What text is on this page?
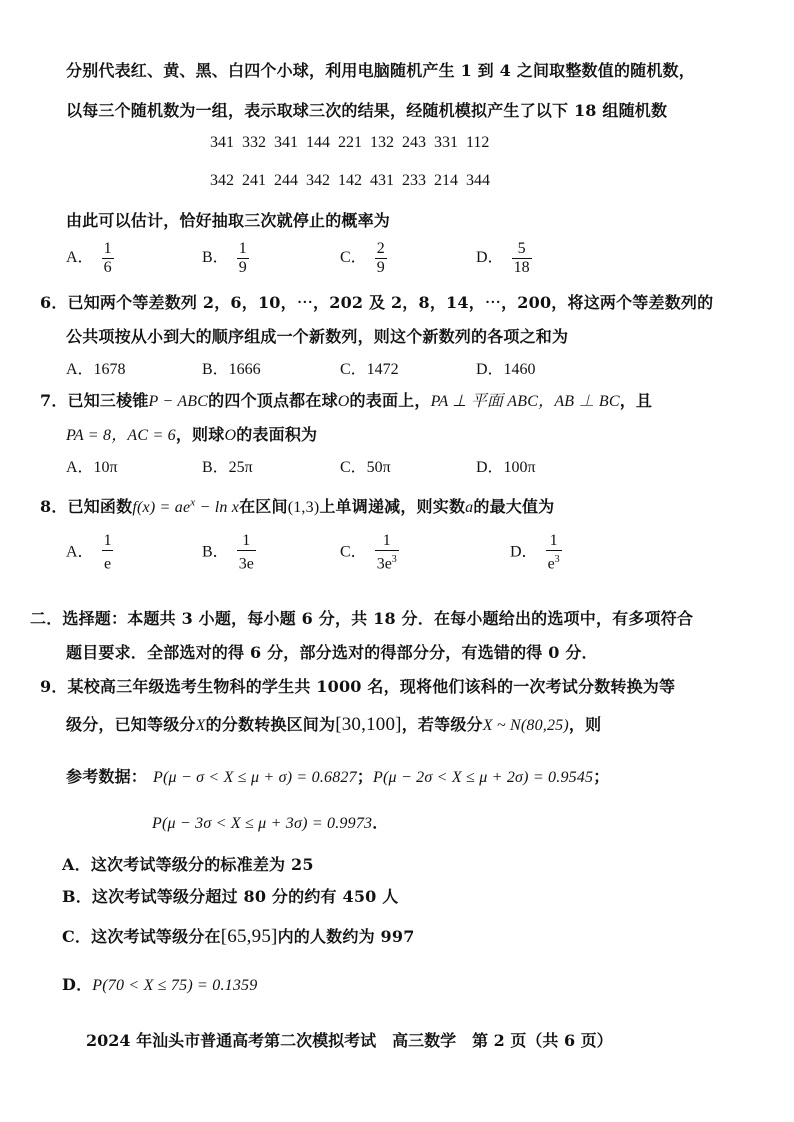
分别代表红、黄、黑、白四个小球，利用电脑随机产生 1 到 4 之间取整数值的随机数，
以每三个随机数为一组，表示取球三次的结果，经随机模拟产生了以下 18 组随机数
341 332 341 144 221 132 243 331 112
342 241 244 342 142 431 233 214 344
由此可以估计，恰好抽取三次就停止的概率为
A． $\frac{1}{6}$	B． $\frac{1}{9}$	C． $\frac{2}{9}$	D． $\frac{5}{18}$
6．已知两个等差数列 2，6，10，⋯，202 及 2，8，14，⋯，200，将这两个等差数列的
公共项按从小到大的顺序组成一个新数列，则这个新数列的各项之和为
A．1678	B．1666	C．1472	D．1460
7．已知三棱锥P − ABC的四个顶点都在球O的表面上，PA ⊥ 平面 ABC，AB ⊥ BC，且
PA = 8，AC = 6，则球O的表面积为
A．10π	B．25π	C．50π	D．100π
8．已知函数$f(x) = ae^x - \ln x$在区间(1,3)上单调递减，则实数a的最大值为
A． $\frac{1}{e}$	B． $\frac{1}{3e}$	C． $\frac{1}{3e^3}$	D． $\frac{1}{e^3}$
二．选择题：本题共 3 小题，每小题 6 分，共 18 分．在每小题给出的选项中，有多项符合
题目要求．全部选对的得 6 分，部分选对的得部分分，有选错的得 0 分．
9．某校高三年级选考生物科的学生共 1000 名，现将他们该科的一次考试分数转换为等
级分，已知等级分X的分数转换区间为[30,100]，若等级分X ~ N(80,25)，则
参考数据： P(μ − σ < X ≤ μ + σ) = 0.6827；P(μ − 2σ < X ≤ μ + 2σ) = 0.9545；
P(μ − 3σ < X ≤ μ + 3σ) = 0.9973．
A．这次考试等级分的标准差为 25
B．这次考试等级分超过 80 分的约有 450 人
C．这次考试等级分在[65,95]内的人数约为 997
D．P(70 < X ≤ 75) = 0.1359
2024 年汕头市普通高考第二次模拟考试　高三数学　第 2 页（共 6 页）
